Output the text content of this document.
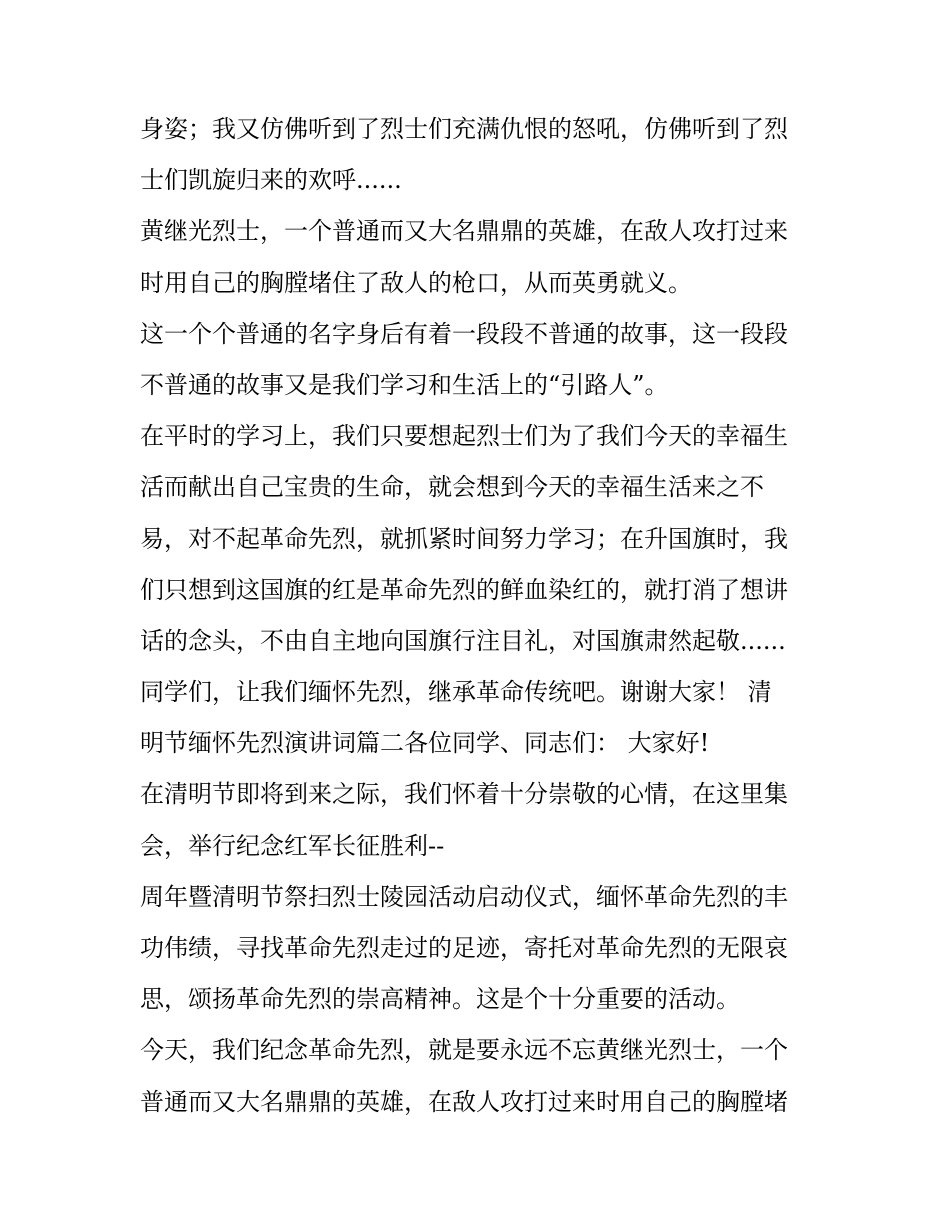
身姿；我又仿佛听到了烈士们充满仇恨的怒吼，仿佛听到了烈
士们凯旋归来的欢呼......
黄继光烈士，一个普通而又大名鼎鼎的英雄，在敌人攻打过来
时用自己的胸膛堵住了敌人的枪口，从而英勇就义。
这一个个普通的名字身后有着一段段不普通的故事，这一段段
不普通的故事又是我们学习和生活上的“引路人”。
在平时的学习上，我们只要想起烈士们为了我们今天的幸福生
活而献出自己宝贵的生命，就会想到今天的幸福生活来之不
易，对不起革命先烈，就抓紧时间努力学习；在升国旗时，我
们只想到这国旗的红是革命先烈的鲜血染红的，就打消了想讲
话的念头，不由自主地向国旗行注目礼，对国旗肃然起敬......
同学们，让我们缅怀先烈，继承革命传统吧。谢谢大家！ 清
明节缅怀先烈演讲词篇二各位同学、同志们： 大家好!
在清明节即将到来之际，我们怀着十分崇敬的心情，在这里集
会，举行纪念红军长征胜利--
周年暨清明节祭扫烈士陵园活动启动仪式，缅怀革命先烈的丰
功伟绩，寻找革命先烈走过的足迹，寄托对革命先烈的无限哀
思，颂扬革命先烈的崇高精神。这是个十分重要的活动。
今天，我们纪念革命先烈，就是要永远不忘黄继光烈士，一个
普通而又大名鼎鼎的英雄，在敌人攻打过来时用自己的胸膛堵
